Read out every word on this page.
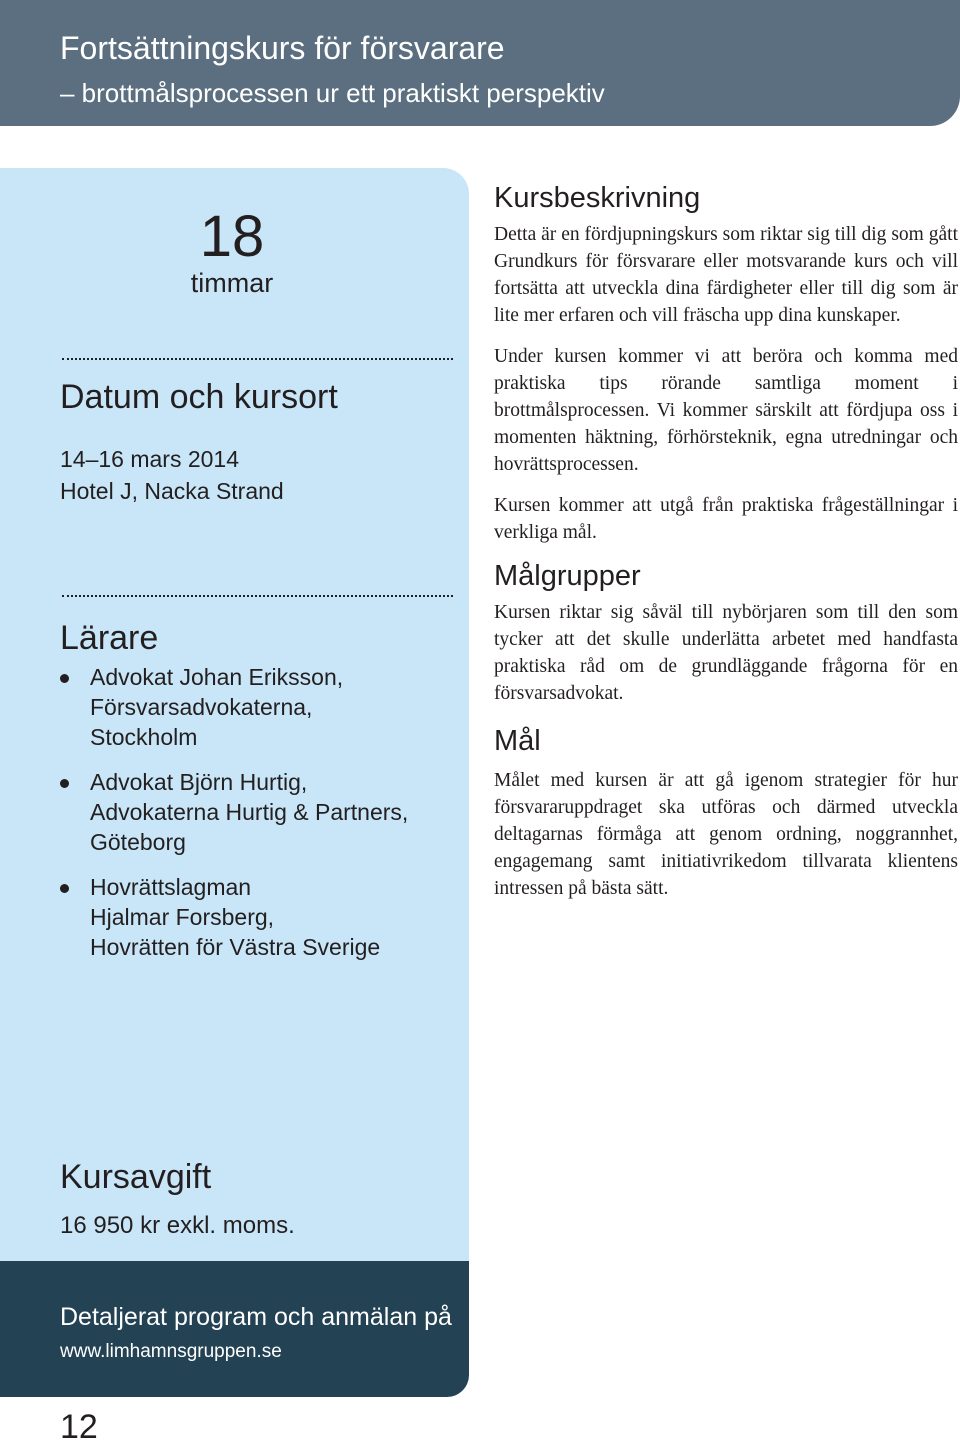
Fortsättningskurs för försvarare
– brottmålsprocessen ur ett praktiskt perspektiv
18
timmar
Datum och kursort
14–16 mars 2014
Hotel J, Nacka Strand
Lärare
Advokat Johan Eriksson,
Försvarsadvokaterna,
Stockholm
Advokat Björn Hurtig,
Advokaterna Hurtig & Partners,
Göteborg
Hovrättslagman
Hjalmar Forsberg,
Hovrätten för Västra Sverige
Kursavgift
16 950 kr exkl. moms.
Detaljerat program och anmälan på
www.limhamnsgruppen.se
12
Kursbeskrivning

Detta är en fördjupningskurs som riktar sig till dig som gått Grundkurs för försvarare eller motsvarande kurs och vill fortsätta att utveckla dina färdigheter eller till dig som är lite mer erfaren och vill fräscha upp dina kunskaper.

Under kursen kommer vi att beröra och komma med praktiska tips rörande samtliga moment i brottmålsprocessen. Vi kommer särskilt att fördjupa oss i momenten häktning, förhörsteknik, egna utredningar och hovrättsprocessen.

Kursen kommer att utgå från praktiska frågeställningar i verkliga mål.

Målgrupper

Kursen riktar sig såväl till nybörjaren som till den som tycker att det skulle underlätta arbetet med handfasta praktiska råd om de grundläggande frågorna för en försvarsadvokat.

Mål

Målet med kursen är att gå igenom strategier för hur försvararuppdraget ska utföras och därmed utveckla deltagarnas förmåga att genom ordning, noggrannhet, engagemang samt initiativrikedom tillvarata klientens intressen på bästa sätt.
